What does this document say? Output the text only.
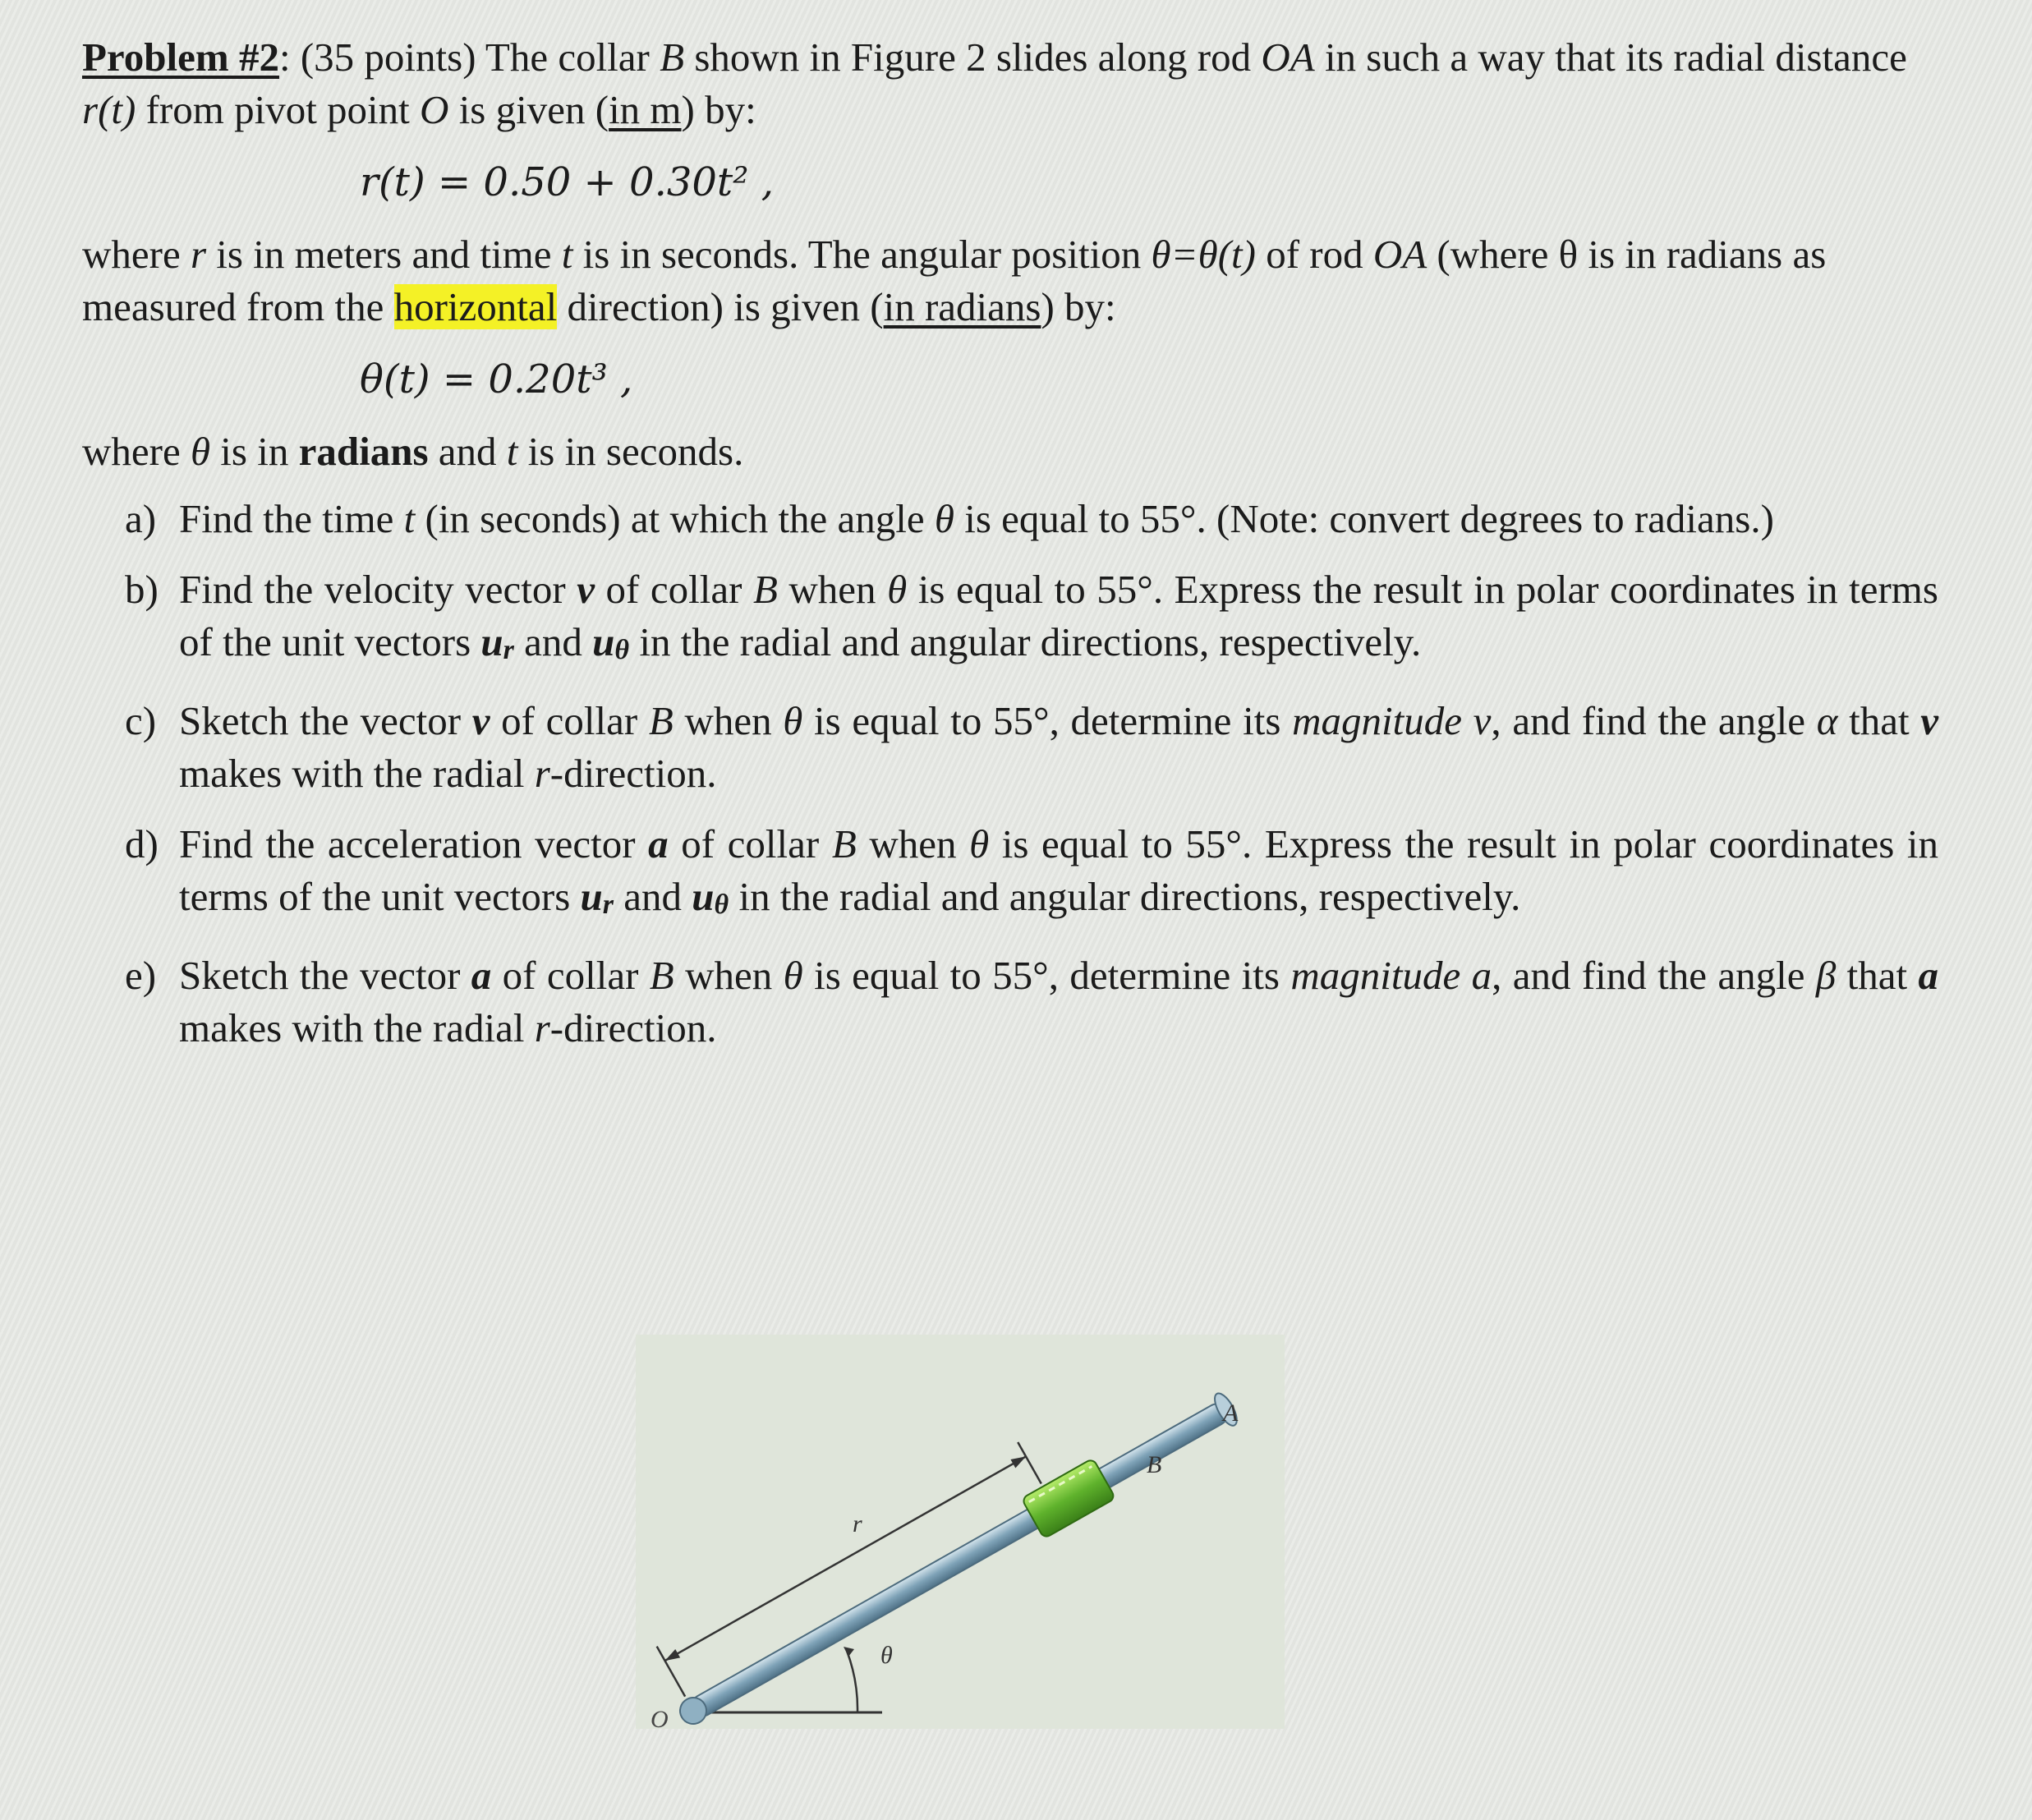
Problem #2: (35 points) The collar B shown in Figure 2 slides along rod OA in such a way that its radial distance r(t) from pivot point O is given (in m) by:

r(t) = 0.50 + 0.30t² ,

where r is in meters and time t is in seconds. The angular position θ=θ(t) of rod OA (where θ is in radians as measured from the horizontal direction) is given (in radians) by:

θ(t) = 0.20t³ ,

where θ is in radians and t is in seconds.

a) Find the time t (in seconds) at which the angle θ is equal to 55°. (Note: convert degrees to radians.)
b) Find the velocity vector v of collar B when θ is equal to 55°. Express the result in polar coordinates in terms of the unit vectors ur and uθ in the radial and angular directions, respectively.
c) Sketch the vector v of collar B when θ is equal to 55°, determine its magnitude v, and find the angle α that v makes with the radial r-direction.
d) Find the acceleration vector a of collar B when θ is equal to 55°. Express the result in polar coordinates in terms of the unit vectors ur and uθ in the radial and angular directions, respectively.
e) Sketch the vector a of collar B when θ is equal to 55°, determine its magnitude a, and find the angle β that a makes with the radial r-direction.
O
A
B
r
θ
